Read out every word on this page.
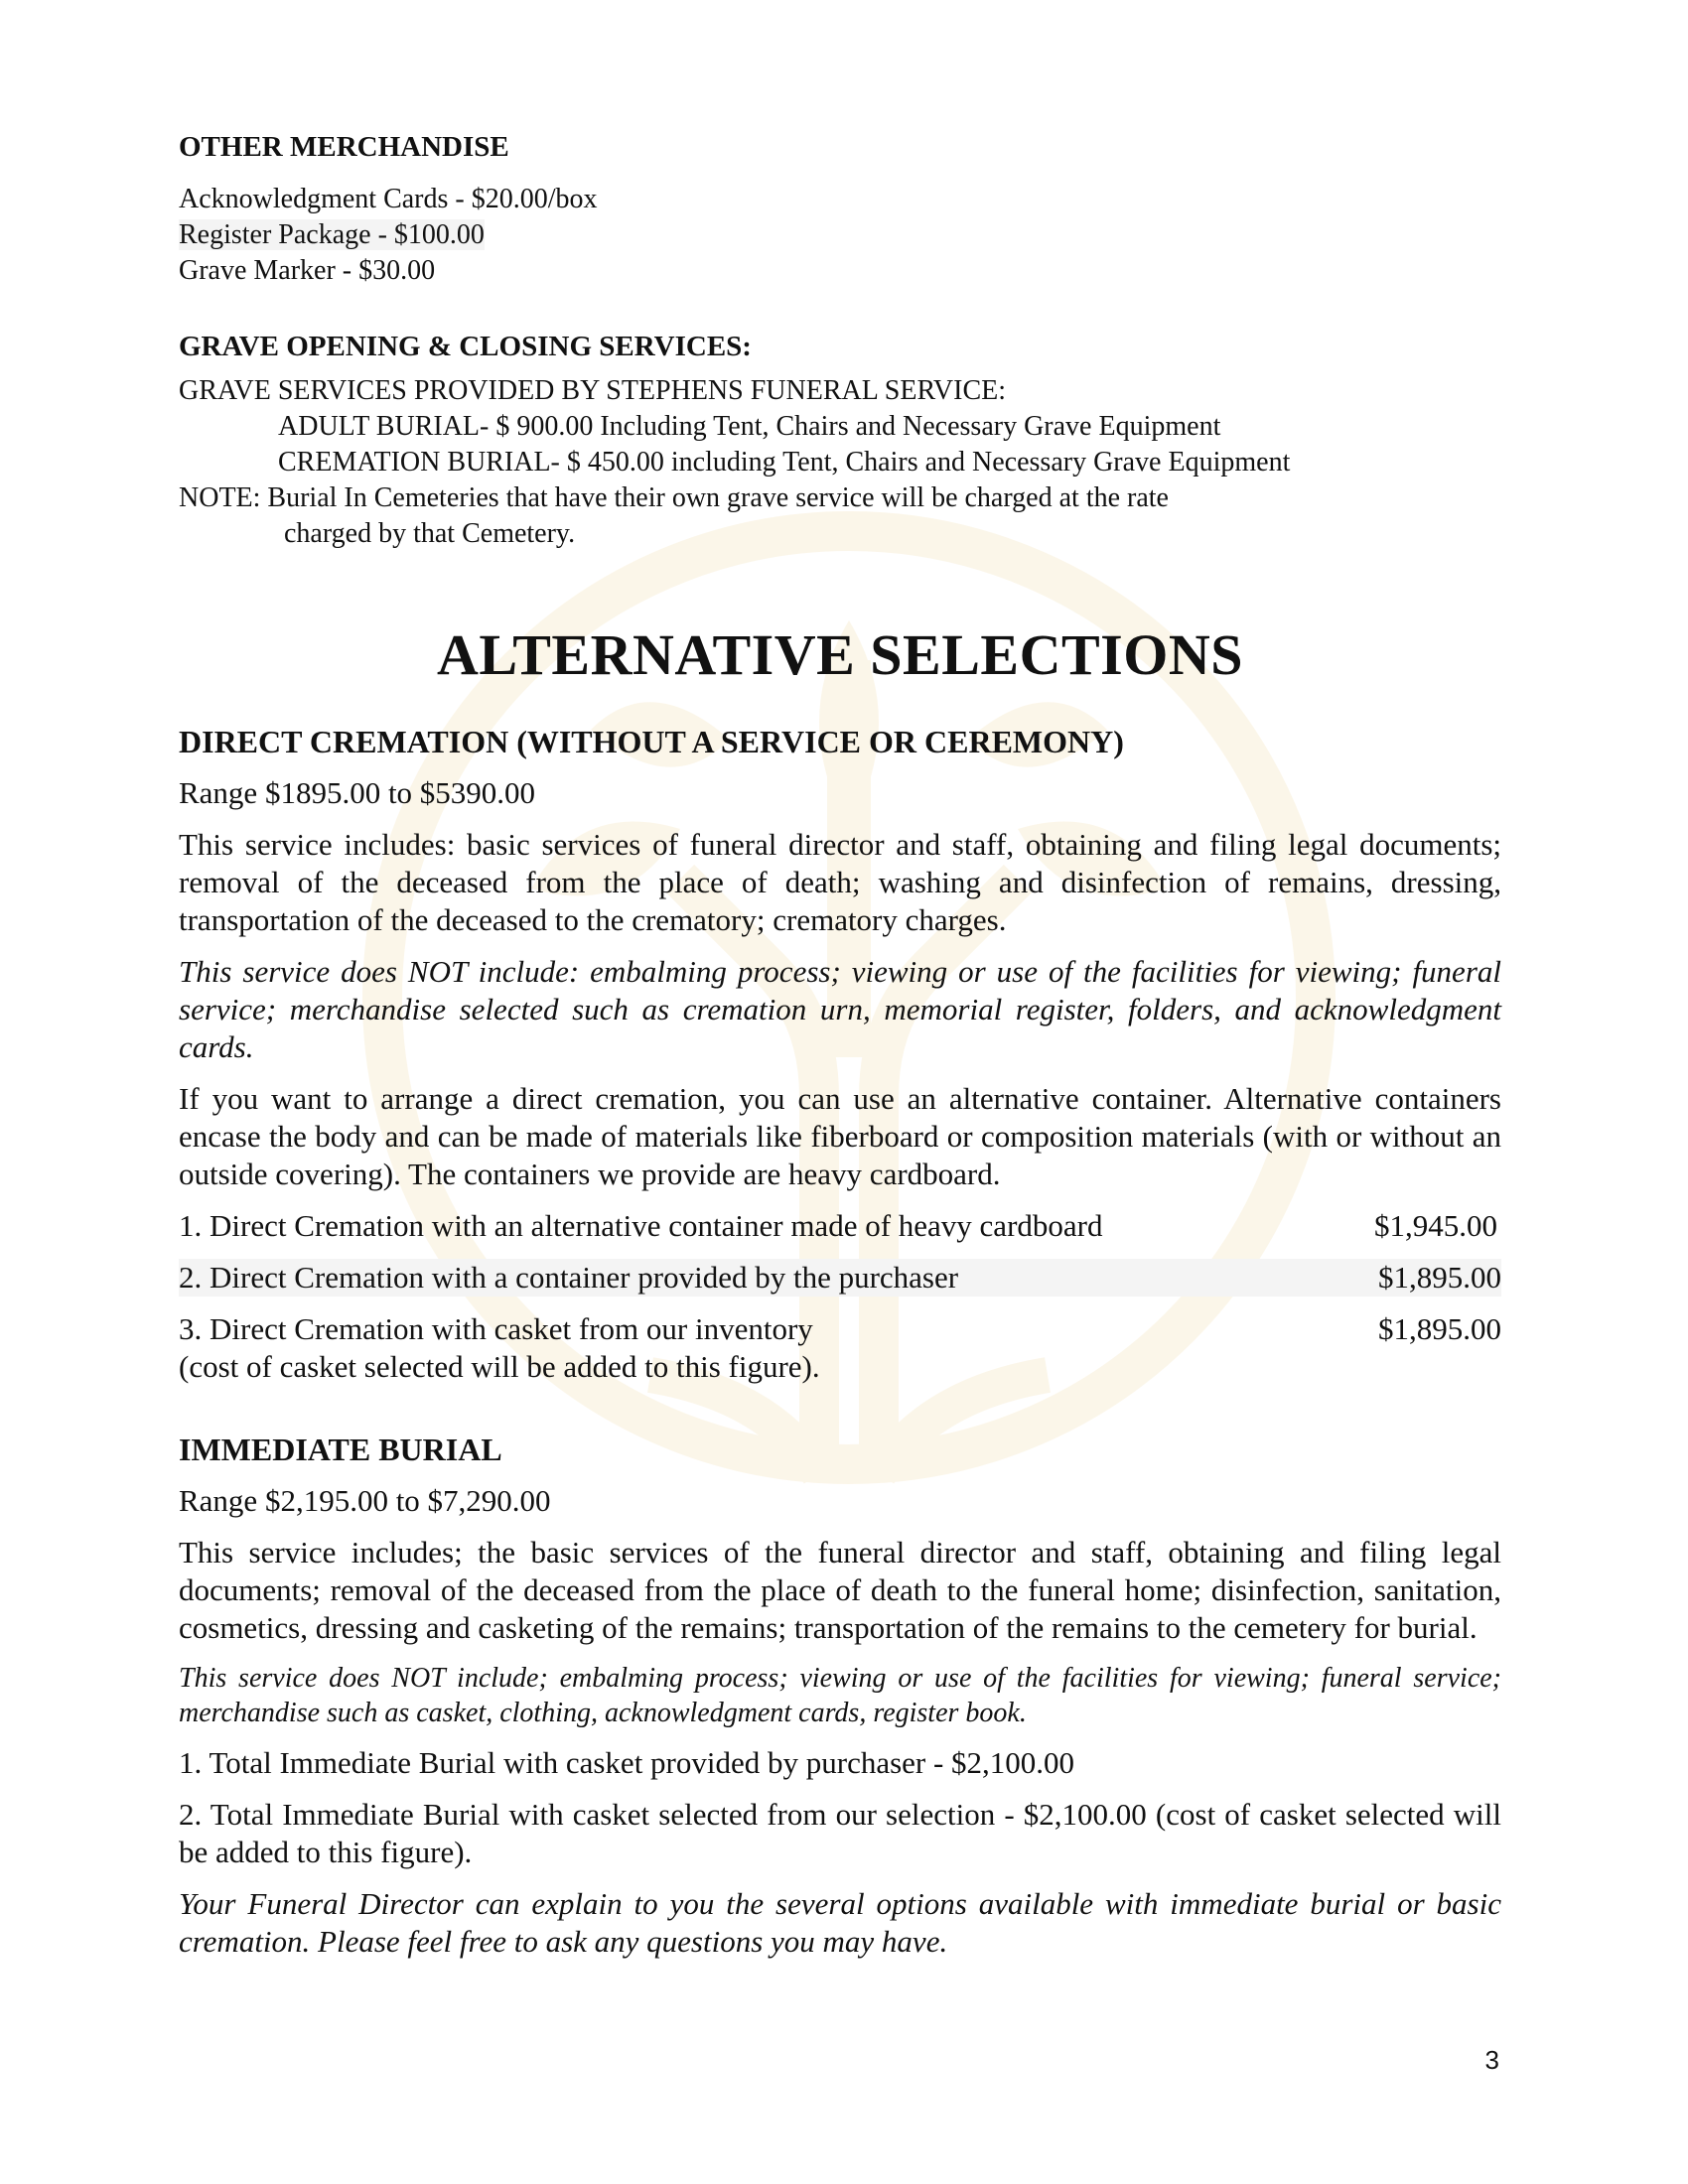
OTHER MERCHANDISE

Acknowledgment Cards - $20.00/box

Register Package - $100.00

Grave Marker - $30.00

GRAVE OPENING & CLOSING SERVICES:

GRAVE SERVICES PROVIDED BY STEPHENS FUNERAL SERVICE:

ADULT BURIAL- $ 900.00 Including Tent, Chairs and Necessary Grave Equipment

CREMATION BURIAL- $ 450.00 including Tent, Chairs and Necessary Grave Equipment

NOTE: Burial In Cemeteries that have their own grave service will be charged at the rate

charged by that Cemetery.

ALTERNATIVE SELECTIONS

DIRECT CREMATION (WITHOUT A SERVICE OR CEREMONY)

Range $1895.00 to $5390.00

This service includes: basic services of funeral director and staff, obtaining and filing legal documents; removal of the deceased from the place of death; washing and disinfection of remains, dressing, transportation of the deceased to the crematory; crematory charges.

This service does NOT include: embalming process; viewing or use of the facilities for viewing; funeral service; merchandise selected such as cremation urn, memorial register, folders, and acknowledgment cards.

If you want to arrange a direct cremation, you can use an alternative container. Alternative containers encase the body and can be made of materials like fiberboard or composition materials (with or without an outside covering). The containers we provide are heavy cardboard.

1. Direct Cremation with an alternative container made of heavy cardboard	$1,945.00
2. Direct Cremation with a container provided by the purchaser	$1,895.00
3. Direct Cremation with casket from our inventory	$1,895.00

(cost of casket selected will be added to this figure).

IMMEDIATE BURIAL

Range $2,195.00 to $7,290.00

This service includes; the basic services of the funeral director and staff, obtaining and filing legal documents; removal of the deceased from the place of death to the funeral home; disinfection, sanitation, cosmetics, dressing and casketing of the remains; transportation of the remains to the cemetery for burial.

This service does NOT include; embalming process; viewing or use of the facilities for viewing; funeral service; merchandise such as casket, clothing, acknowledgment cards, register book.

1. Total Immediate Burial with casket provided by purchaser - $2,100.00

2. Total Immediate Burial with casket selected from our selection - $2,100.00 (cost of casket selected will be added to this figure).

Your Funeral Director can explain to you the several options available with immediate burial or basic cremation. Please feel free to ask any questions you may have.

3
